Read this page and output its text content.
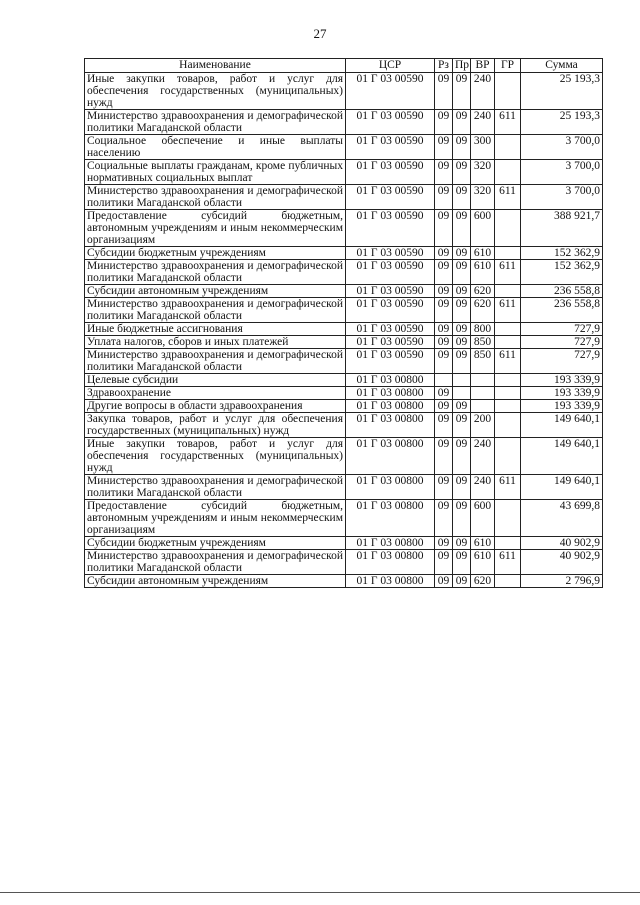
27
Наименование	ЦСР	Рз	Пр	ВР	ГР	Сумма
Иные закупки товаров, работ и услуг для обеспечения государственных (муниципальных) нужд	01 Г 03 00590	09	09	240		25 193,3
Министерство здравоохранения и демографической политики Магаданской области	01 Г 03 00590	09	09	240	611	25 193,3
Социальное обеспечение и иные выплаты населению	01 Г 03 00590	09	09	300		3 700,0
Социальные выплаты гражданам, кроме публичных нормативных социальных выплат	01 Г 03 00590	09	09	320		3 700,0
Министерство здравоохранения и демографической политики Магаданской области	01 Г 03 00590	09	09	320	611	3 700,0
Предоставление субсидий бюджетным, автономным учреждениям и иным некоммерческим организациям	01 Г 03 00590	09	09	600		388 921,7
Субсидии бюджетным учреждениям	01 Г 03 00590	09	09	610		152 362,9
Министерство здравоохранения и демографической политики Магаданской области	01 Г 03 00590	09	09	610	611	152 362,9
Субсидии автономным учреждениям	01 Г 03 00590	09	09	620		236 558,8
Министерство здравоохранения и демографической политики Магаданской области	01 Г 03 00590	09	09	620	611	236 558,8
Иные бюджетные ассигнования	01 Г 03 00590	09	09	800		727,9
Уплата налогов, сборов и иных платежей	01 Г 03 00590	09	09	850		727,9
Министерство здравоохранения и демографической политики Магаданской области	01 Г 03 00590	09	09	850	611	727,9
Целевые субсидии	01 Г 03 00800					193 339,9
Здравоохранение	01 Г 03 00800	09				193 339,9
Другие вопросы в области здравоохранения	01 Г 03 00800	09	09			193 339,9
Закупка товаров, работ и услуг для обеспечения государственных (муниципальных) нужд	01 Г 03 00800	09	09	200		149 640,1
Иные закупки товаров, работ и услуг для обеспечения государственных (муниципальных) нужд	01 Г 03 00800	09	09	240		149 640,1
Министерство здравоохранения и демографической политики Магаданской области	01 Г 03 00800	09	09	240	611	149 640,1
Предоставление субсидий бюджетным, автономным учреждениям и иным некоммерческим организациям	01 Г 03 00800	09	09	600		43 699,8
Субсидии бюджетным учреждениям	01 Г 03 00800	09	09	610		40 902,9
Министерство здравоохранения и демографической политики Магаданской области	01 Г 03 00800	09	09	610	611	40 902,9
Субсидии автономным учреждениям	01 Г 03 00800	09	09	620		2 796,9
